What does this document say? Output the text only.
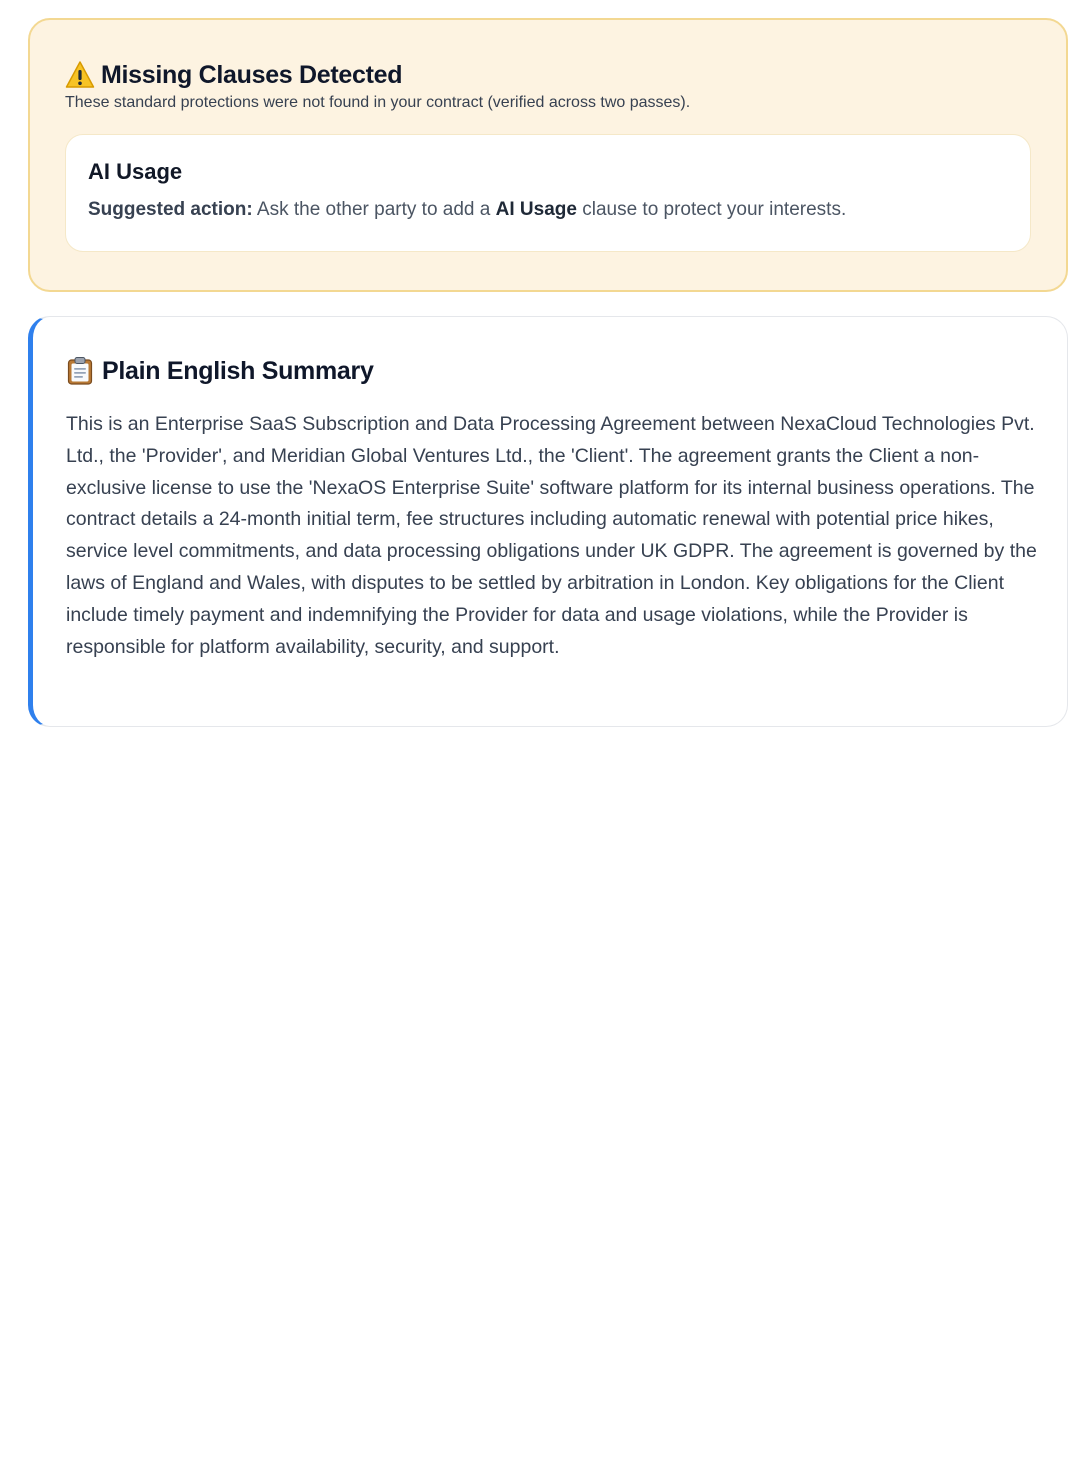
Missing Clauses Detected
These standard protections were not found in your contract (verified across two passes).
AI Usage
Suggested action: Ask the other party to add a AI Usage clause to protect your interests.
Plain English Summary

This is an Enterprise SaaS Subscription and Data Processing Agreement between NexaCloud Technologies Pvt. Ltd., the 'Provider', and Meridian Global Ventures Ltd., the 'Client'. The agreement grants the Client a non-exclusive license to use the 'NexaOS Enterprise Suite' software platform for its internal business operations. The contract details a 24-month initial term, fee structures including automatic renewal with potential price hikes, service level commitments, and data processing obligations under UK GDPR. The agreement is governed by the laws of England and Wales, with disputes to be settled by arbitration in London. Key obligations for the Client include timely payment and indemnifying the Provider for data and usage violations, while the Provider is responsible for platform availability, security, and support.
